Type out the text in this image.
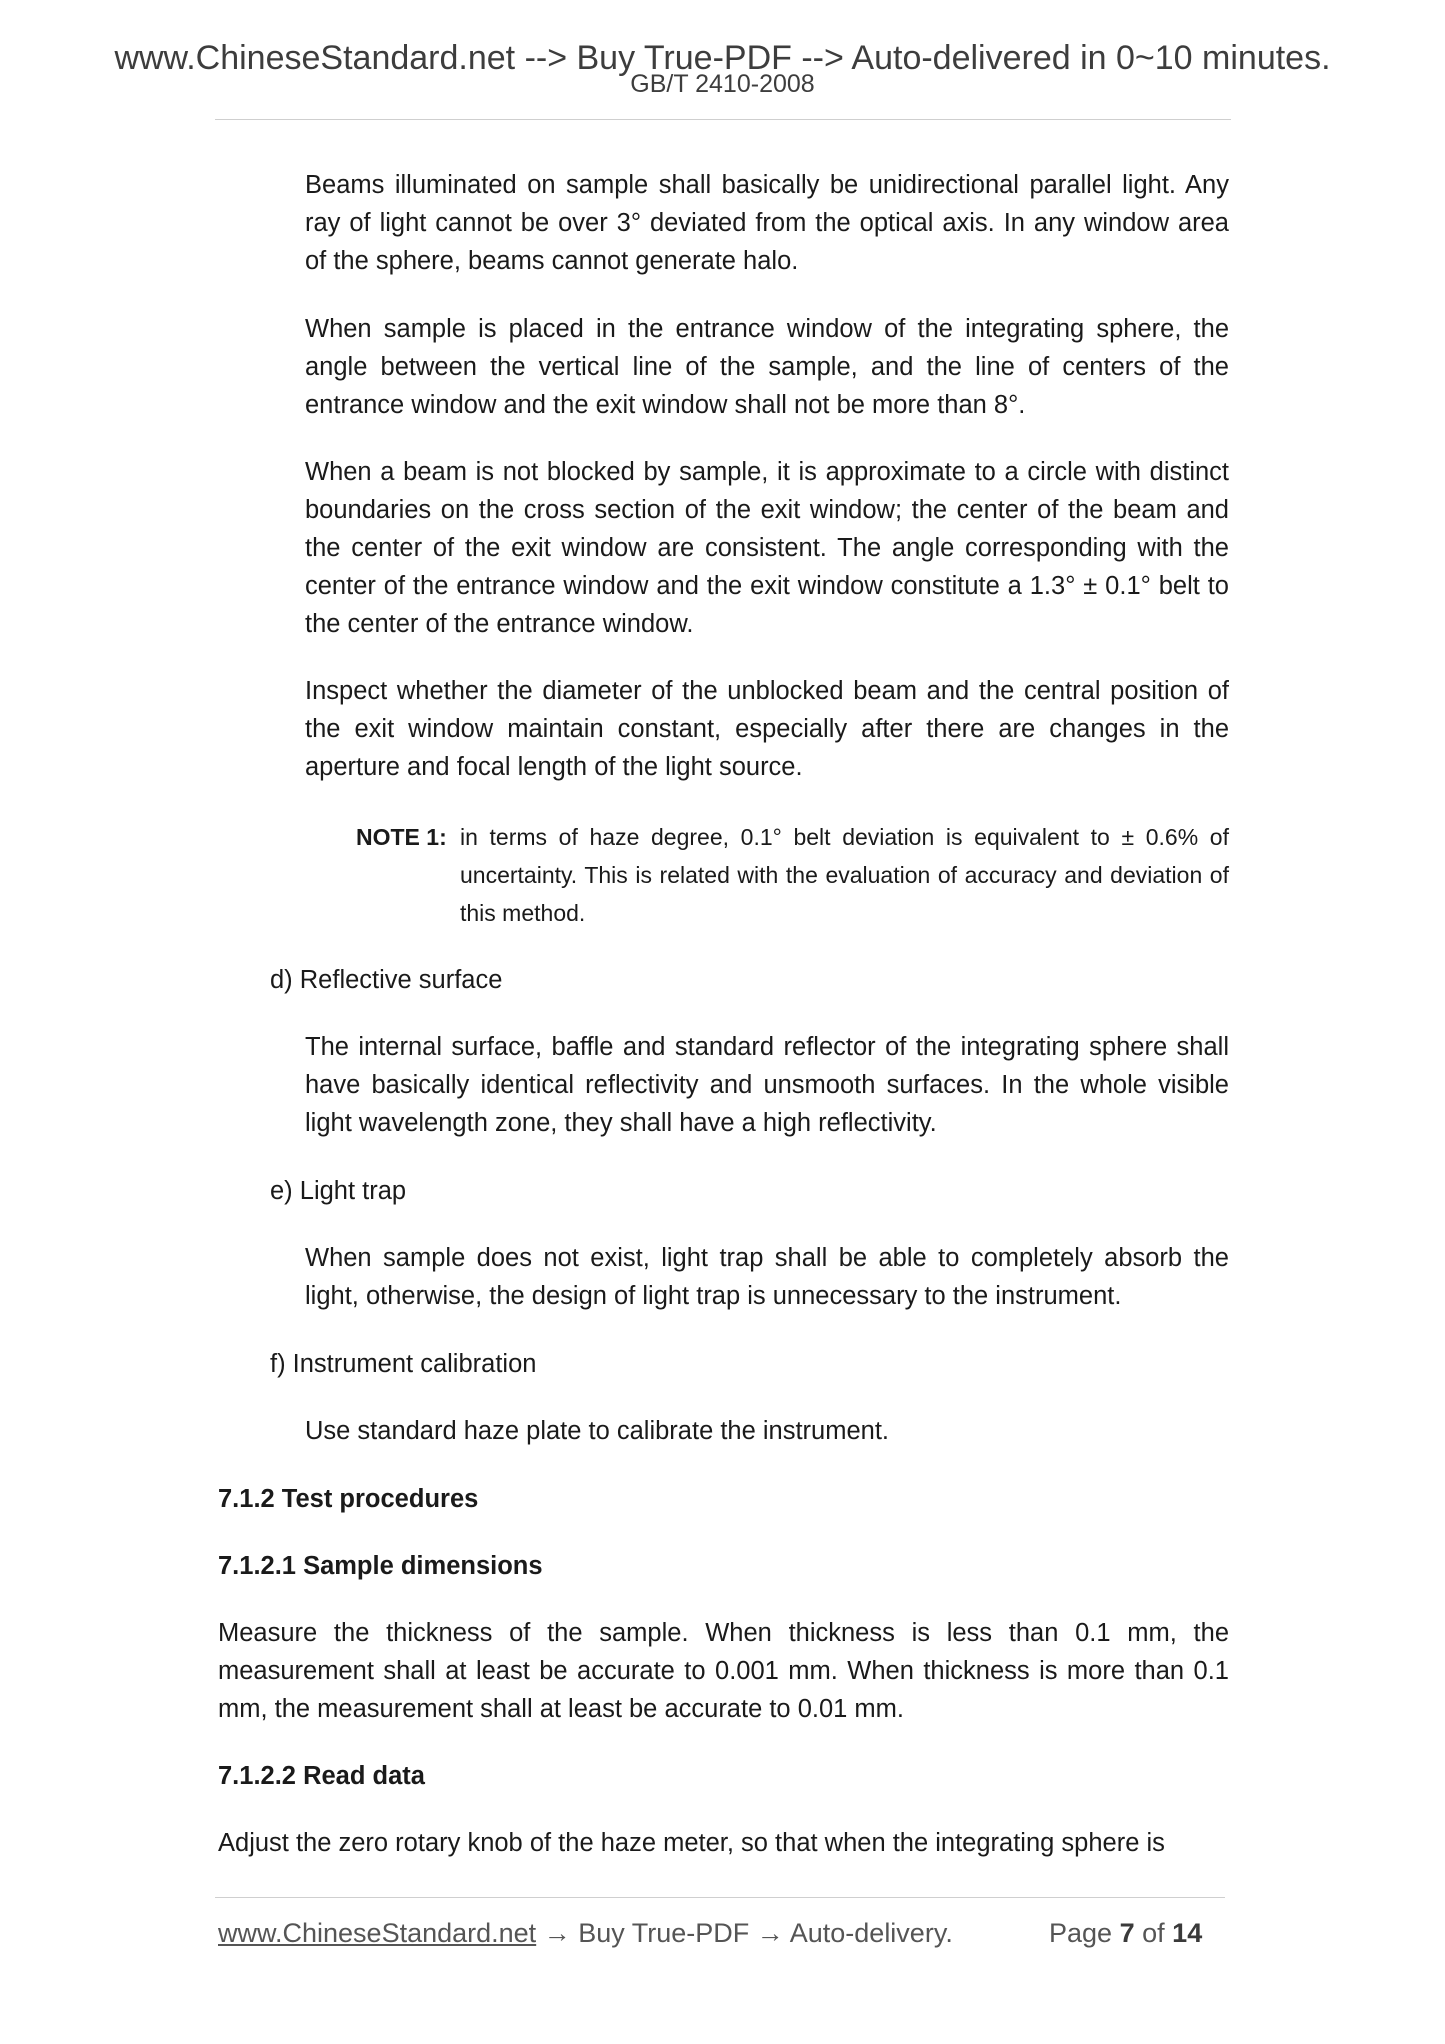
www.ChineseStandard.net --> Buy True-PDF --> Auto-delivered in 0~10 minutes.
GB/T 2410-2008

Beams illuminated on sample shall basically be unidirectional parallel light. Any ray of light cannot be over 3° deviated from the optical axis. In any window area of the sphere, beams cannot generate halo.

When sample is placed in the entrance window of the integrating sphere, the angle between the vertical line of the sample, and the line of centers of the entrance window and the exit window shall not be more than 8°.

When a beam is not blocked by sample, it is approximate to a circle with distinct boundaries on the cross section of the exit window; the center of the beam and the center of the exit window are consistent. The angle corresponding with the center of the entrance window and the exit window constitute a 1.3° ± 0.1° belt to the center of the entrance window.

Inspect whether the diameter of the unblocked beam and the central position of the exit window maintain constant, especially after there are changes in the aperture and focal length of the light source.

NOTE 1: in terms of haze degree, 0.1° belt deviation is equivalent to ± 0.6% of uncertainty. This is related with the evaluation of accuracy and deviation of this method.

d) Reflective surface

The internal surface, baffle and standard reflector of the integrating sphere shall have basically identical reflectivity and unsmooth surfaces. In the whole visible light wavelength zone, they shall have a high reflectivity.

e) Light trap

When sample does not exist, light trap shall be able to completely absorb the light, otherwise, the design of light trap is unnecessary to the instrument.

f) Instrument calibration

Use standard haze plate to calibrate the instrument.

7.1.2 Test procedures

7.1.2.1 Sample dimensions

Measure the thickness of the sample. When thickness is less than 0.1 mm, the measurement shall at least be accurate to 0.001 mm. When thickness is more than 0.1 mm, the measurement shall at least be accurate to 0.01 mm.

7.1.2.2 Read data

Adjust the zero rotary knob of the haze meter, so that when the integrating sphere is

www.ChineseStandard.net → Buy True-PDF → Auto-delivery.	Page 7 of 14
